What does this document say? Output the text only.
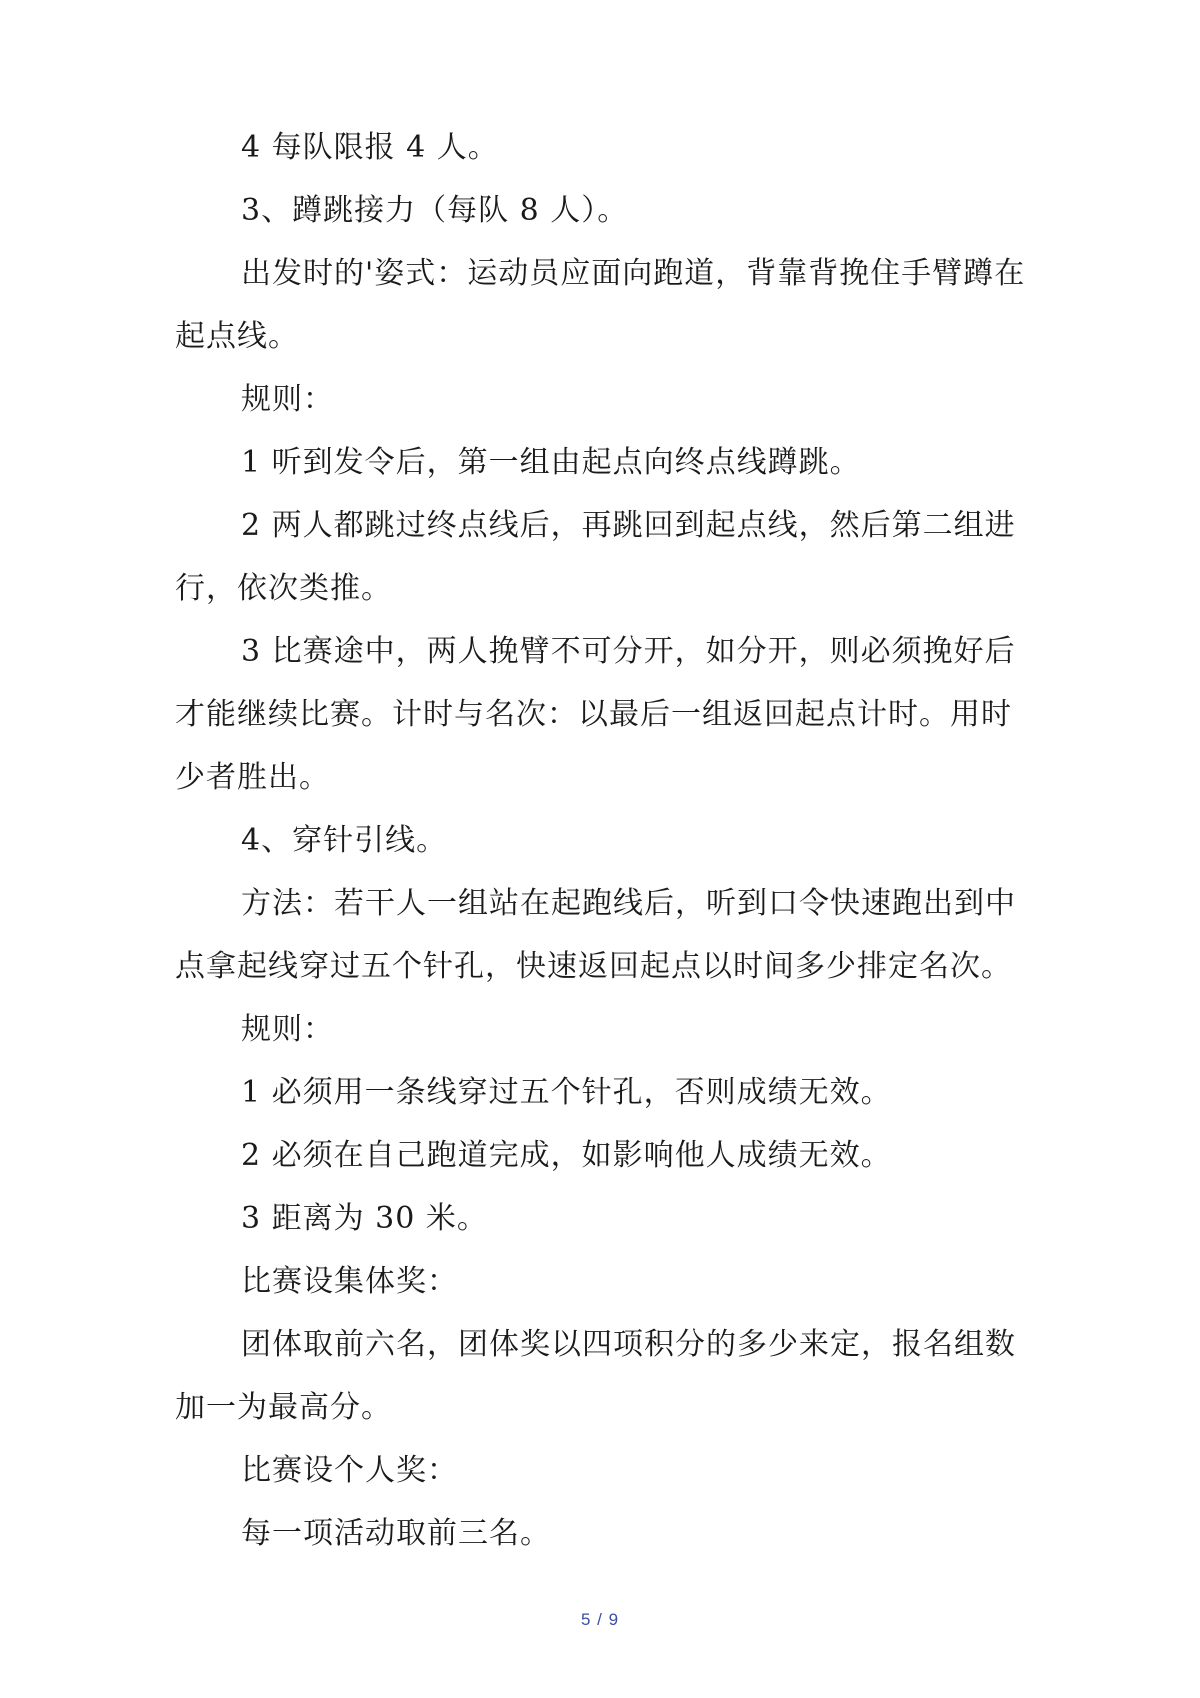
4 每队限报 4 人。

3、蹲跳接力（每队 8 人）。

出发时的'姿式：运动员应面向跑道，背靠背挽住手臂蹲在起点线。

规则：

1 听到发令后，第一组由起点向终点线蹲跳。

2 两人都跳过终点线后，再跳回到起点线，然后第二组进行，依次类推。

3 比赛途中，两人挽臂不可分开，如分开，则必须挽好后才能继续比赛。计时与名次：以最后一组返回起点计时。用时少者胜出。

4、穿针引线。

方法：若干人一组站在起跑线后，听到口令快速跑出到中点拿起线穿过五个针孔，快速返回起点以时间多少排定名次。

规则：

1 必须用一条线穿过五个针孔，否则成绩无效。

2 必须在自己跑道完成，如影响他人成绩无效。

3 距离为 30 米。

比赛设集体奖：

团体取前六名，团体奖以四项积分的多少来定，报名组数加一为最高分。

比赛设个人奖：

每一项活动取前三名。

5 / 9
